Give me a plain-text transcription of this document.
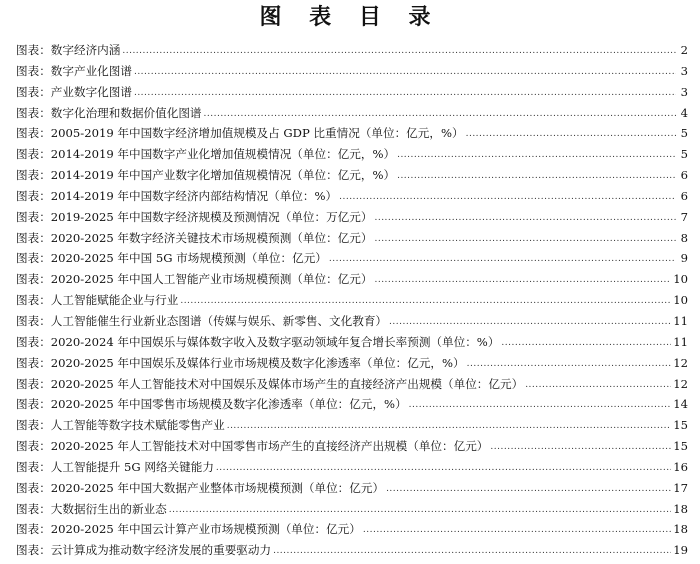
图 表 目 录
图表：数字经济内涵 .....	2
图表：数字产业化图谱 .....	3
图表：产业数字化图谱 .....	3
图表：数字化治理和数据价值化图谱 .....	4
图表：2005-2019 年中国数字经济增加值规模及占 GDP 比重情况（单位：亿元，%） .....	5
图表：2014-2019 年中国数字产业化增加值规模情况（单位：亿元，%） .....	5
图表：2014-2019 年中国产业数字化增加值规模情况（单位：亿元，%） .....	6
图表：2014-2019 年中国数字经济内部结构情况（单位：%） .....	6
图表：2019-2025 年中国数字经济规模及预测情况（单位：万亿元） .....	7
图表：2020-2025 年数字经济关键技术市场规模预测（单位：亿元） .....	8
图表：2020-2025 年中国 5G 市场规模预测（单位：亿元） .....	9
图表：2020-2025 年中国人工智能产业市场规模预测（单位：亿元） .....	10
图表：人工智能赋能企业与行业 .....	10
图表：人工智能催生行业新业态图谱（传媒与娱乐、新零售、文化教育） .....	11
图表：2020-2024 年中国娱乐与媒体数字收入及数字驱动领域年复合增长率预测（单位：%） .....	11
图表：2020-2025 年中国娱乐及媒体行业市场规模及数字化渗透率（单位：亿元，%） .....	12
图表：2020-2025 年人工智能技术对中国娱乐及媒体市场产生的直接经济产出规模（单位：亿元） .....	12
图表：2020-2025 年中国零售市场规模及数字化渗透率（单位：亿元，%） .....	14
图表：人工智能等数字技术赋能零售产业 .....	15
图表：2020-2025 年人工智能技术对中国零售市场产生的直接经济产出规模（单位：亿元） .....	15
图表：人工智能提升 5G 网络关键能力 .....	16
图表：2020-2025 年中国大数据产业整体市场规模预测（单位：亿元） .....	17
图表：大数据衍生出的新业态 .....	18
图表：2020-2025 年中国云计算产业市场规模预测（单位：亿元） .....	18
图表：云计算成为推动数字经济发展的重要驱动力 .....	19
